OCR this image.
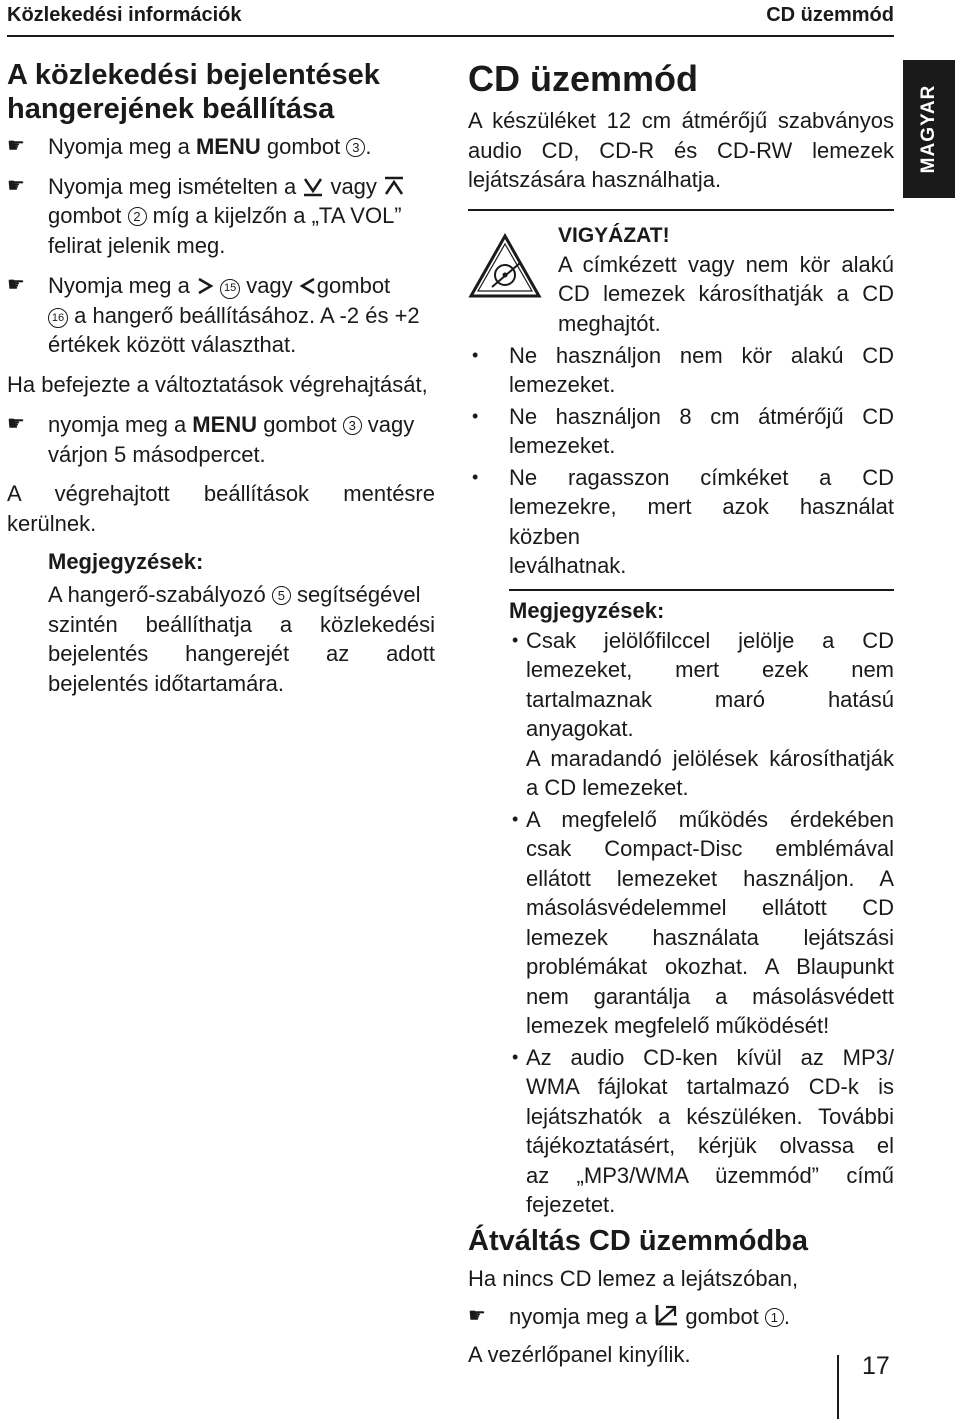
Közlekedési információk	CD üzemmód
MAGYAR
A közlekedési bejelentések
hangerejének beállítása
☛ Nyomja meg a MENU gombot 3 .

☛ Nyomja meg ismételten a  vagy
gombot 2 míg a kijelzőn a „TA VOL”
felirat jelenik meg.

☛ Nyomja meg a	15 vagy gombot
16 a hangerő beállításához. A -2 és +2
értékek között választhat.

Ha befejezte a változtatások végrehajtását,

☛ nyomja meg a MENU gombot 3 vagy
várjon 5 másodpercet.

A végrehajtott beállítások mentésre

kerülnek.

Megjegyzések:

A hangerő-szabályozó 5 segítségével
szintén beállíthatja a közlekedési
bejelentés hangerejét az adott
bejelentés időtartamára.

CD üzemmód
A készüléket 12 cm átmérőjű szabványos
audio CD, CD-R és CD-RW lemezek
lejátszására használhatja.
VIGYÁZAT!
A címkézett vagy nem kör alakú
CD lemezek károsíthatják a CD
meghajtót.
• Ne használjon nem kör alakú CD
lemezeket.
• Ne használjon 8 cm átmérőjű CD
lemezeket.
• Ne ragasszon címkéket a CD
lemezekre, mert azok használat közben
leválhatnak.
Megjegyzések:
• Csak jelölőfilccel jelölje a CD
lemezeket, mert ezek nem
tartalmaznak maró hatású anyagokat.
A maradandó jelölések károsíthatják
a CD lemezeket.
• A megfelelő működés érdekében
csak Compact-Disc emblémával
ellátott lemezeket használjon. A
másolásvédelemmel ellátott CD
lemezek használata lejátszási
problémákat okozhat. A Blaupunkt
nem garantálja a másolásvédett
lemezek megfelelő működését!
• Az audio CD-ken kívül az MP3/
WMA fájlokat tartalmazó CD-k is
lejátszhatók a készüléken. További
tájékoztatásért, kérjük olvassa el
az „MP3/WMA üzemmód” című
fejezetet.
Átváltás CD üzemmódba

Ha nincs CD lemez a lejátszóban,

☛ nyomja meg a  gombot 1 .

A vezérlőpanel kinyílik.	17
